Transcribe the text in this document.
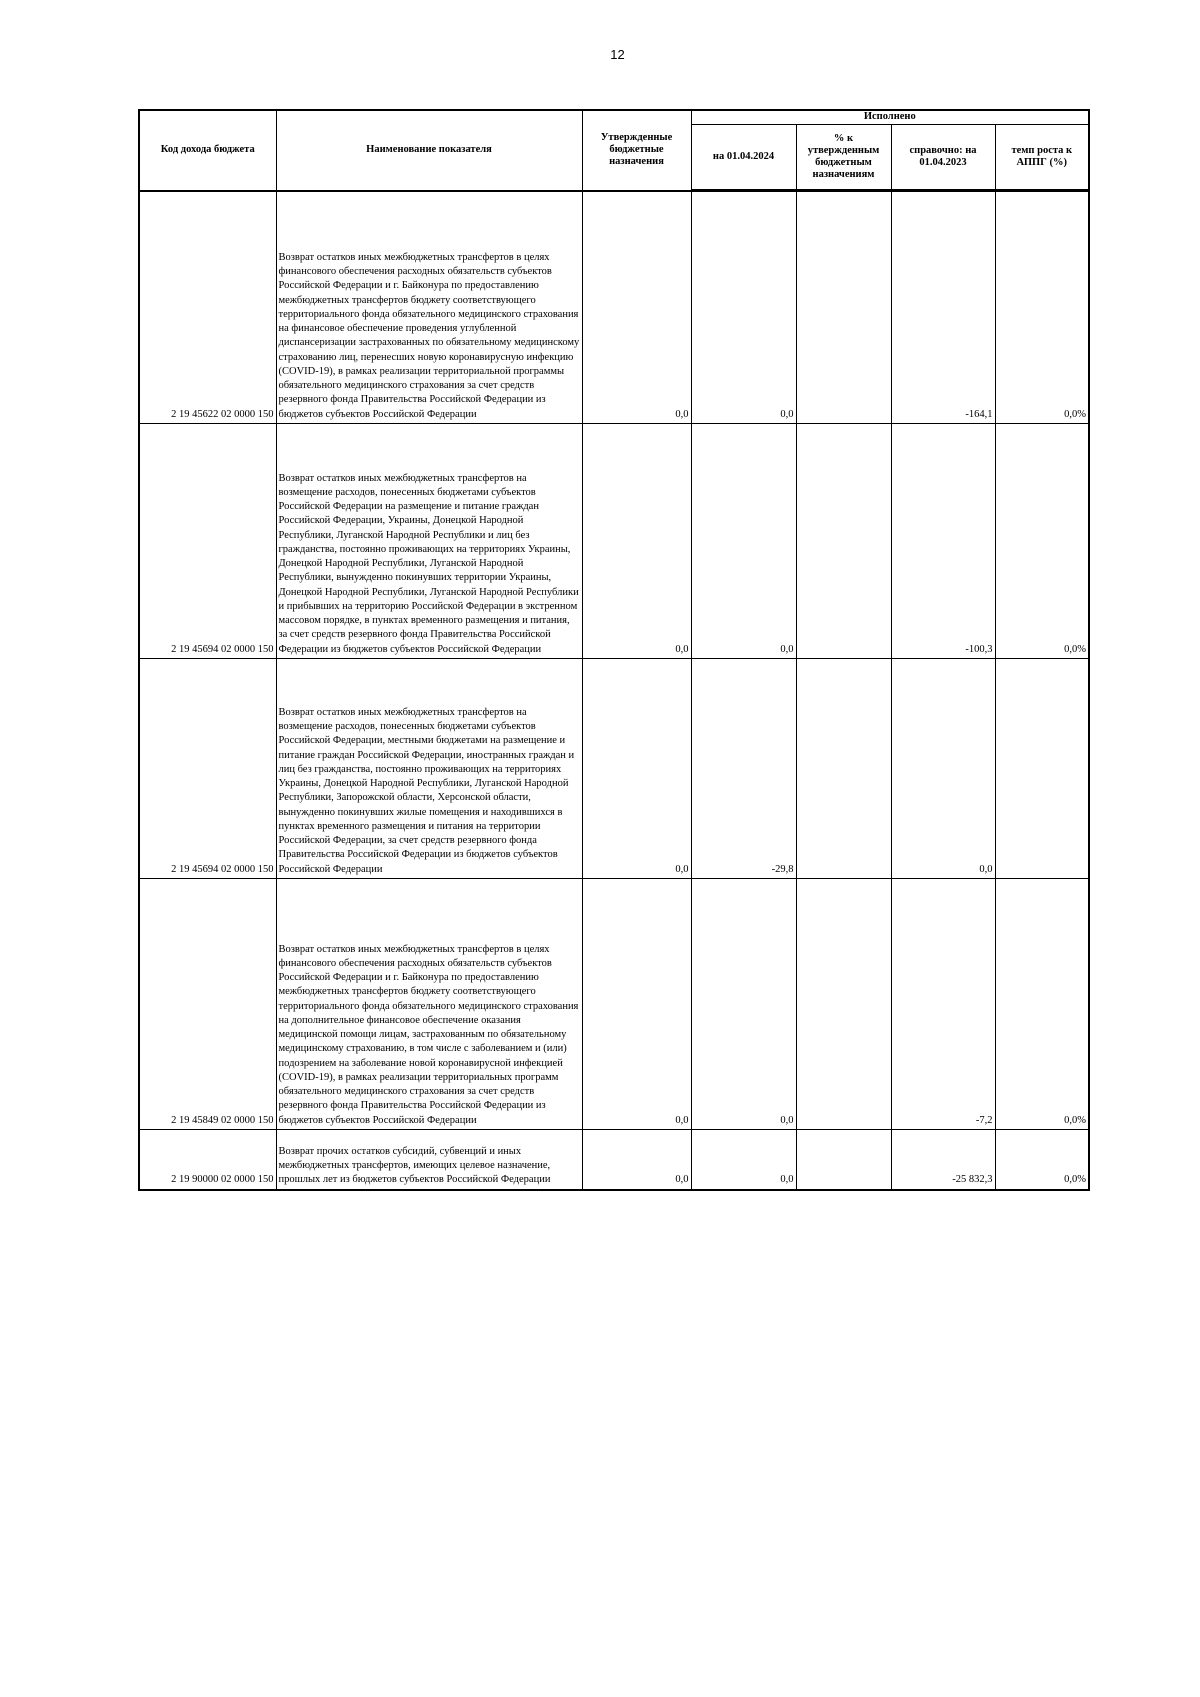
12
Код дохода бюджета	Наименование показателя	Утвержденные бюджетные назначения	Исполнено			
			на 01.04.2024	% к утвержденным бюджетным назначениям	справочно: на 01.04.2023	темп роста к АППГ (%)
2 19 45622 02 0000 150	Возврат остатков иных межбюджетных трансфертов в целях финансового обеспечения расходных обязательств субъектов Российской Федерации и г. Байконура по предоставлению межбюджетных трансфертов бюджету соответствующего территориального фонда обязательного медицинского страхования на финансовое обеспечение проведения углубленной диспансеризации застрахованных по обязательному медицинскому страхованию лиц, перенесших новую коронавирусную инфекцию (COVID-19), в рамках реализации территориальной программы обязательного медицинского страхования за счет средств резервного фонда Правительства Российской Федерации из бюджетов субъектов Российской Федерации	0,0	0,0		-164,1	0,0%
2 19 45694 02 0000 150	Возврат остатков иных межбюджетных трансфертов на возмещение расходов, понесенных бюджетами субъектов Российской Федерации на размещение и питание граждан Российской Федерации, Украины, Донецкой Народной Республики, Луганской Народной Республики и лиц без гражданства, постоянно проживающих на территориях Украины, Донецкой Народной Республики, Луганской Народной Республики, вынужденно покинувших территории Украины, Донецкой Народной Республики, Луганской Народной Республики и прибывших на территорию Российской Федерации в экстренном массовом порядке, в пунктах временного размещения и питания, за счет средств резервного фонда Правительства Российской Федерации из бюджетов субъектов Российской Федерации	0,0	0,0		-100,3	0,0%
2 19 45694 02 0000 150	Возврат остатков иных межбюджетных трансфертов на возмещение расходов, понесенных бюджетами субъектов Российской Федерации, местными бюджетами на размещение и питание граждан Российской Федерации, иностранных граждан и лиц без гражданства, постоянно проживающих на территориях Украины, Донецкой Народной Республики, Луганской Народной Республики, Запорожской области, Херсонской области, вынужденно покинувших жилые помещения и находившихся в пунктах временного размещения и питания на территории Российской Федерации, за счет средств резервного фонда Правительства Российской Федерации из бюджетов субъектов Российской Федерации	0,0	-29,8		0,0	
2 19 45849 02 0000 150	Возврат остатков иных межбюджетных трансфертов в целях финансового обеспечения расходных обязательств субъектов Российской Федерации и г. Байконура по предоставлению межбюджетных трансфертов бюджету соответствующего территориального фонда обязательного медицинского страхования на дополнительное финансовое обеспечение оказания медицинской помощи лицам, застрахованным по обязательному медицинскому страхованию, в том числе с заболеванием и (или) подозрением на заболевание новой коронавирусной инфекцией (COVID-19), в рамках реализации территориальных программ обязательного медицинского страхования за счет средств резервного фонда Правительства Российской Федерации из бюджетов субъектов Российской Федерации	0,0	0,0		-7,2	0,0%
2 19 90000 02 0000 150	Возврат прочих остатков субсидий, субвенций и иных межбюджетных трансфертов, имеющих целевое назначение, прошлых лет из бюджетов субъектов Российской Федерации	0,0	0,0		-25 832,3	0,0%
